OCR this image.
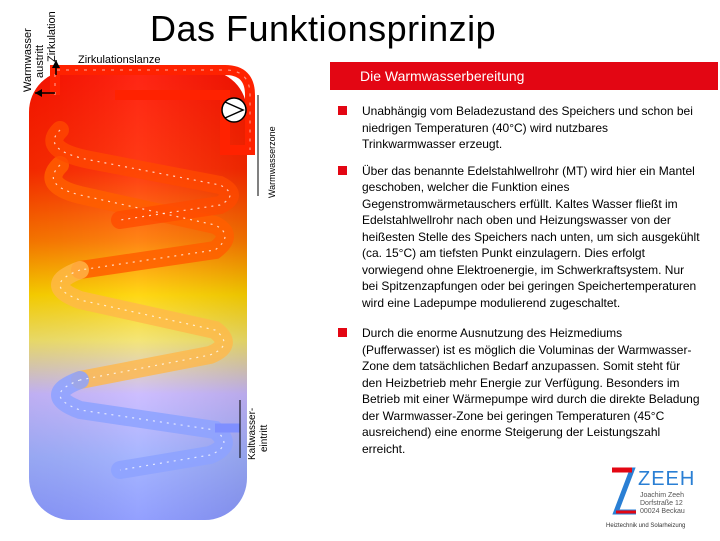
Das Funktionsprinzip
Warmwasser
austritt Zirkulation Zirkulationslanze
Warmwasserzone
Kaltwasser-
eintritt
Die Warmwasserbereitung
Unabhängig vom Beladezustand des Speichers und schon bei niedrigen Temperaturen (40°C) wird nutzbares Trinkwarmwasser erzeugt.
Über das benannte Edelstahlwellrohr (MT) wird hier ein Mantel geschoben, welcher die Funktion eines Gegenstromwärmetauschers erfüllt. Kaltes Wasser fließt im Edelstahlwellrohr nach oben und Heizungswasser von der heißesten Stelle des Speichers nach unten, um sich ausgekühlt (ca. 15°C) am tiefsten Punkt einzulagern. Dies erfolgt vorwiegend ohne Elektroenergie, im Schwerkraftsystem. Nur bei Spitzenzapfungen oder bei geringen Speichertemperaturen wird eine Ladepumpe modulierend zugeschaltet.
Durch die enorme Ausnutzung des Heizmediums (Pufferwasser) ist es möglich die Voluminas der Warmwasser-Zone dem tatsächlichen Bedarf anzupassen. Somit steht für den Heizbetrieb mehr Energie zur Verfügung. Besonders im Betrieb mit einer Wärmepumpe wird durch die direkte Beladung der Warmwasser-Zone bei geringen Temperaturen (45°C ausreichend) eine enorme Steigerung der Leistungszahl erreicht.
ZEEH
Joachim Zeeh
Dorfstraße 12
00024 Beckau
Heiztechnik und Solarheizung
